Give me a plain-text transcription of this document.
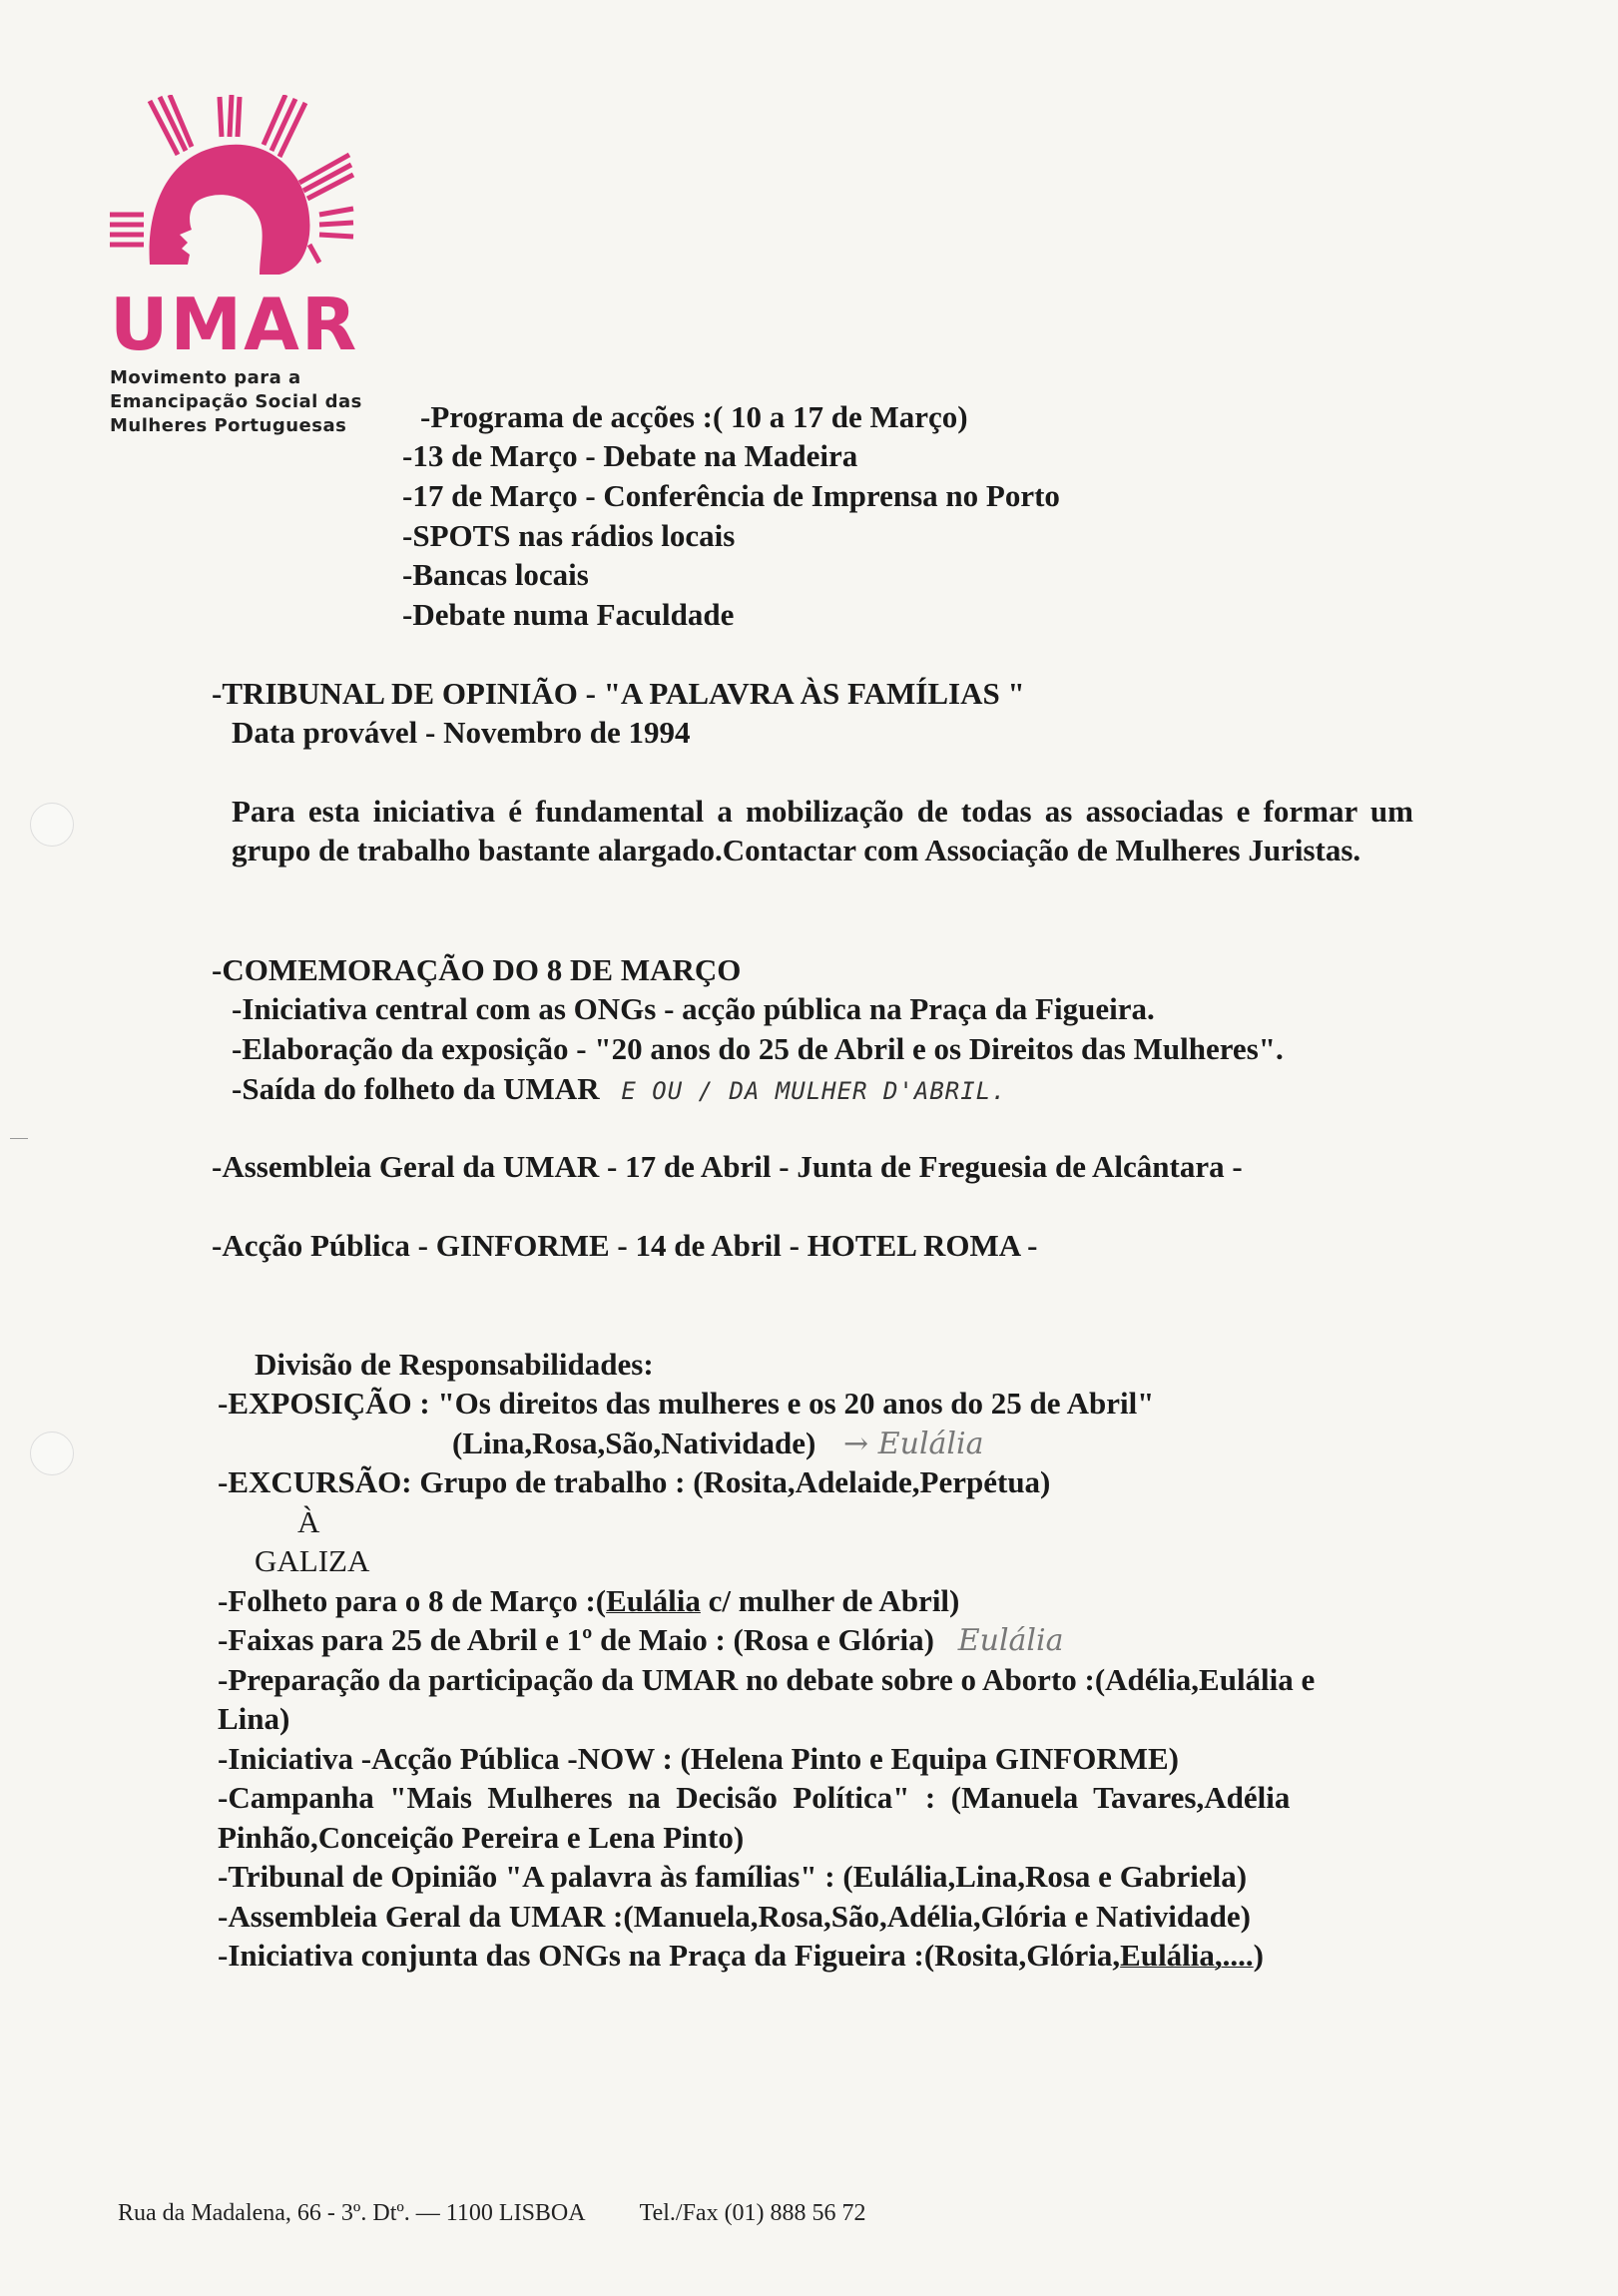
UMAR
Movimento para a
Emancipação Social das
Mulheres Portuguesas	-Programa de acções :( 10 a 17 de Março)
-13 de Março - Debate na Madeira
-17 de Março - Conferência de Imprensa no Porto
-SPOTS nas rádios locais
-Bancas locais
-Debate numa Faculdade
-TRIBUNAL DE OPINIÃO - "A PALAVRA ÀS FAMÍLIAS "
Data provável - Novembro de 1994
Para esta iniciativa é fundamental a mobilização de todas as associadas e formar um grupo de trabalho bastante alargado.Contactar com Associação de Mulheres Juristas.
-COMEMORAÇÃO DO 8 DE MARÇO
-Iniciativa central com as ONGs - acção pública na Praça da Figueira.
-Elaboração da exposição - "20 anos do 25 de Abril e os Direitos das Mulheres".
-Saída do folheto da UMAR E OU / DA MULHER D'ABRIL.
-Assembleia Geral da UMAR - 17 de Abril - Junta de Freguesia de Alcântara -
-Acção Pública - GINFORME - 14 de Abril - HOTEL ROMA -
Divisão de Responsabilidades:
-EXPOSIÇÃO : "Os direitos das mulheres e os 20 anos do 25 de Abril"
(Lina,Rosa,São,Natividade) → Eulália
-EXCURSÃO: Grupo de trabalho : (Rosita,Adelaide,Perpétua)
À
GALIZA
-Folheto para o 8 de Março :(Eulália c/ mulher de Abril)
-Faixas para 25 de Abril e 1º de Maio : (Rosa e Glória) Eulália
-Preparação da participação da UMAR no debate sobre o Aborto :(Adélia,Eulália e
Lina)
-Iniciativa -Acção Pública -NOW : (Helena Pinto e Equipa GINFORME)
-Campanha  "Mais  Mulheres  na  Decisão  Política"  :  (Manuela  Tavares,Adélia
Pinhão,Conceição Pereira e Lena Pinto)
-Tribunal de Opinião "A palavra às famílias" : (Eulália,Lina,Rosa e Gabriela)
-Assembleia Geral da UMAR :(Manuela,Rosa,São,Adélia,Glória e Natividade)
-Iniciativa conjunta das ONGs na Praça da Figueira :(Rosita,Glória,Eulália,....)
Rua da Madalena, 66 - 3º. Dtº. — 1100 LISBOA Tel./Fax (01) 888 56 72
